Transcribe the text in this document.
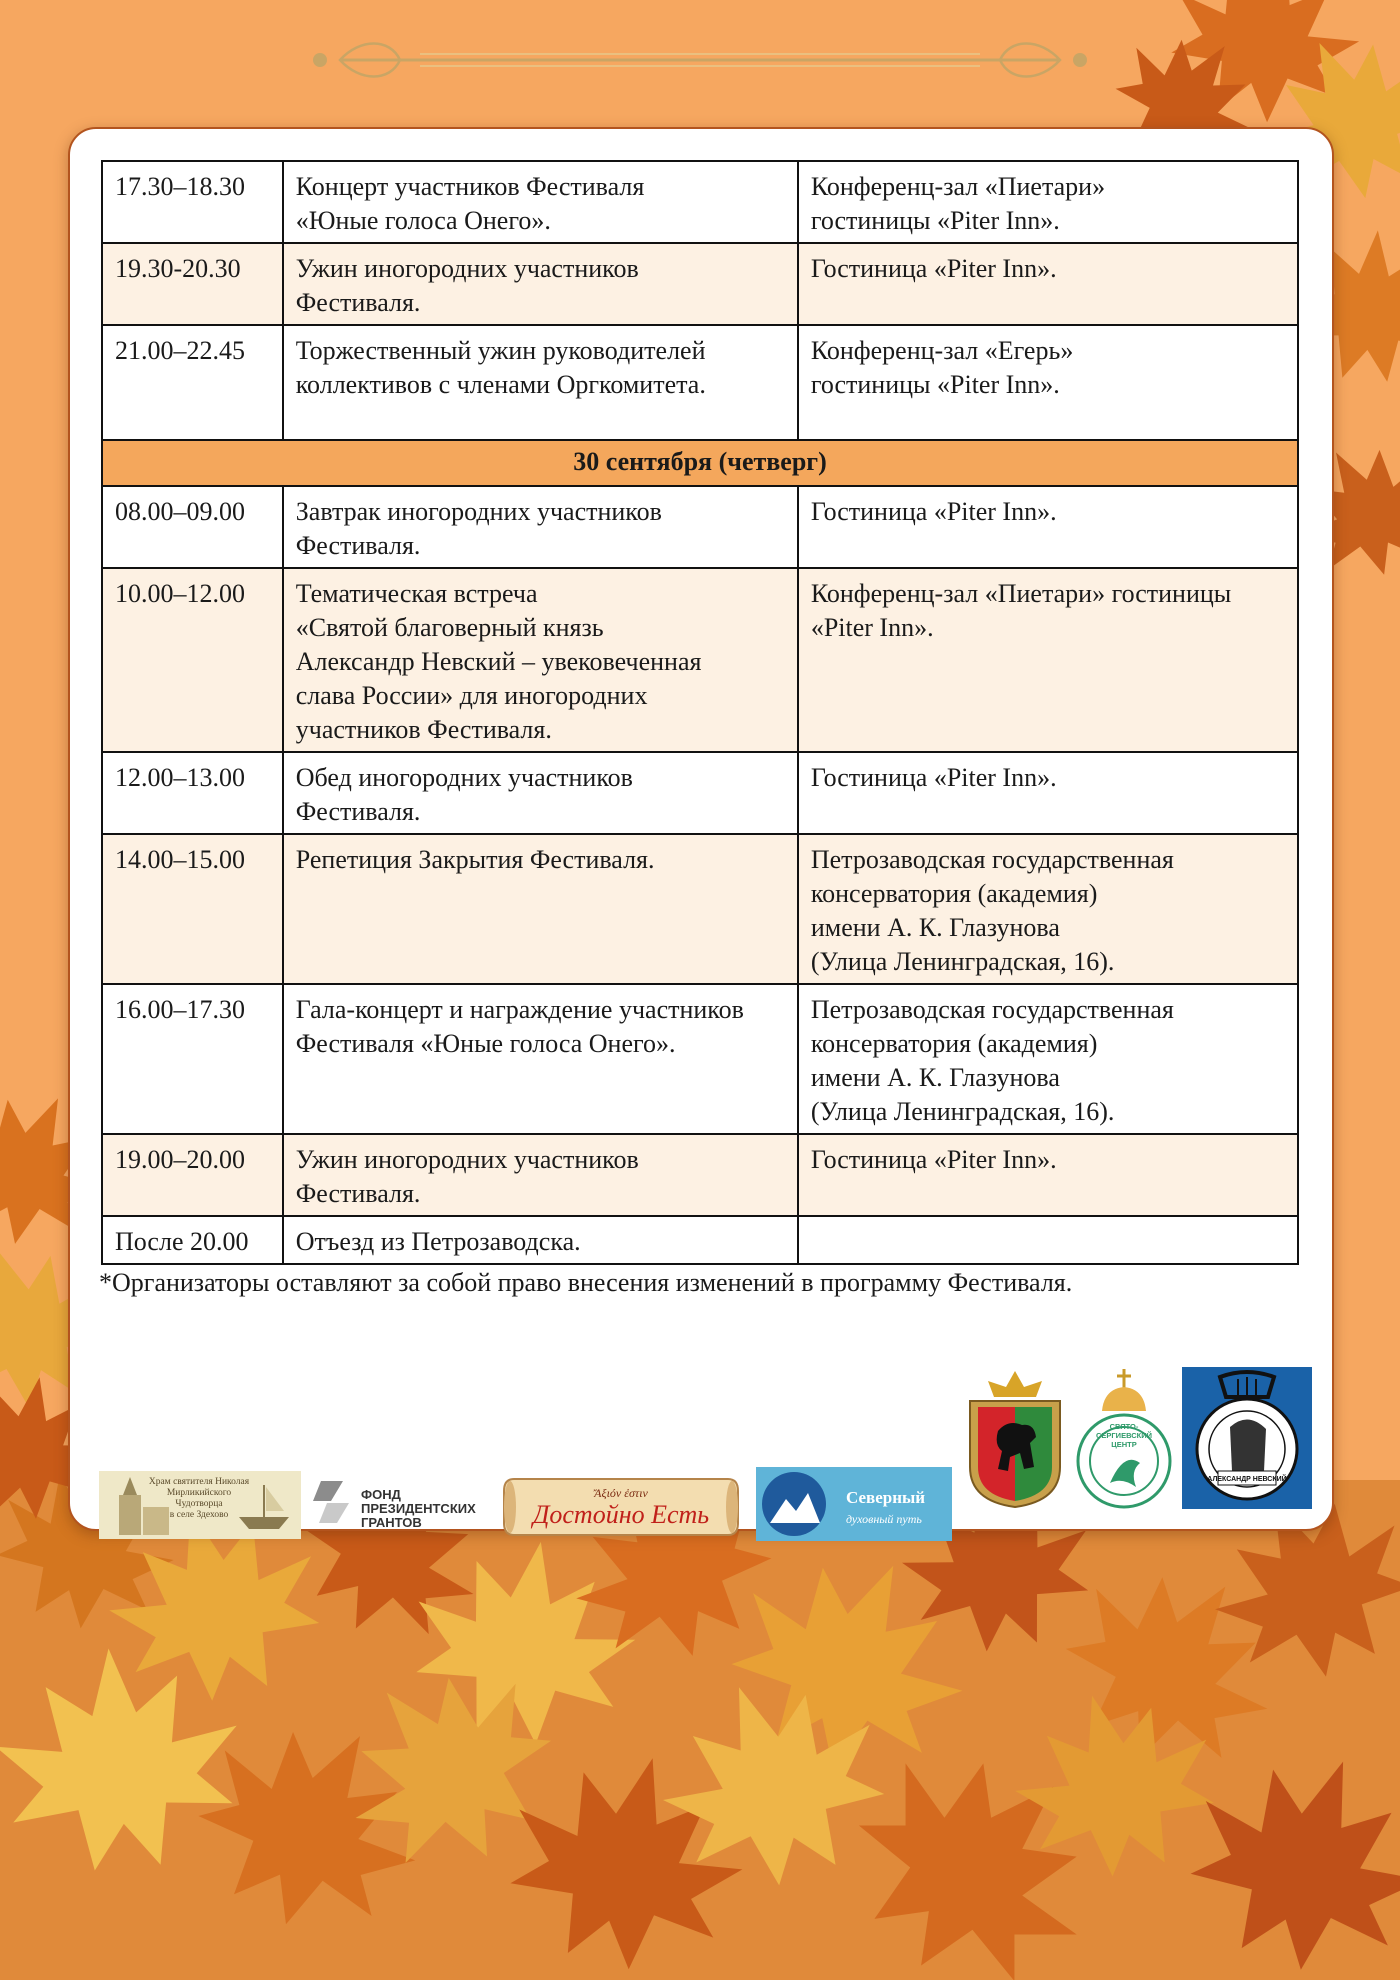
17.30–18.30	Концерт участников Фестиваля
«Юные голоса Онего».	Конференц-зал «Пиетари»
гостиницы «Piter Inn».
19.30-20.30	Ужин иногородних участников
Фестиваля.	Гостиница «Piter Inn».
21.00–22.45	Торжественный ужин руководителей
коллективов с членами Оргкомитета.	Конференц-зал «Егерь»
гостиницы «Piter Inn».
30 сентября (четверг)		
08.00–09.00	Завтрак иногородних участников
Фестиваля.	Гостиница «Piter Inn».
10.00–12.00	Тематическая встреча
«Святой благоверный князь
Александр Невский – увековеченная
слава России» для иногородних
участников Фестиваля.	Конференц-зал «Пиетари» гостиницы
«Piter Inn».
12.00–13.00	Обед иногородних участников
Фестиваля.	Гостиница «Piter Inn».
14.00–15.00	Репетиция Закрытия Фестиваля.	Петрозаводская государственная
консерватория (академия)
имени А. К. Глазунова
(Улица Ленинградская, 16).
16.00–17.30	Гала-концерт и награждение участников
Фестиваля «Юные голоса Онего».	Петрозаводская государственная
консерватория (академия)
имени А. К. Глазунова
(Улица Ленинградская, 16).
19.00–20.00	Ужин иногородних участников
Фестиваля.	Гостиница «Piter Inn».
После 20.00	Отъезд из Петрозаводска.	
*Организаторы оставляют за собой право внесения изменений в программу Фестиваля.
Храм святителя Николая
Мирликийского
Чудотворца
в селе Здехово
ФОНД
ПРЕЗИДЕНТСКИХ
ГРАНТОВ
Ἄξιόν ἐστιν
Достойно Есть
Северный
духовный путь
СВЯТО-
СЕРГИЕВСКИЙ
ЦЕНТР
АЛЕКСАНДР НЕВСКИЙ
